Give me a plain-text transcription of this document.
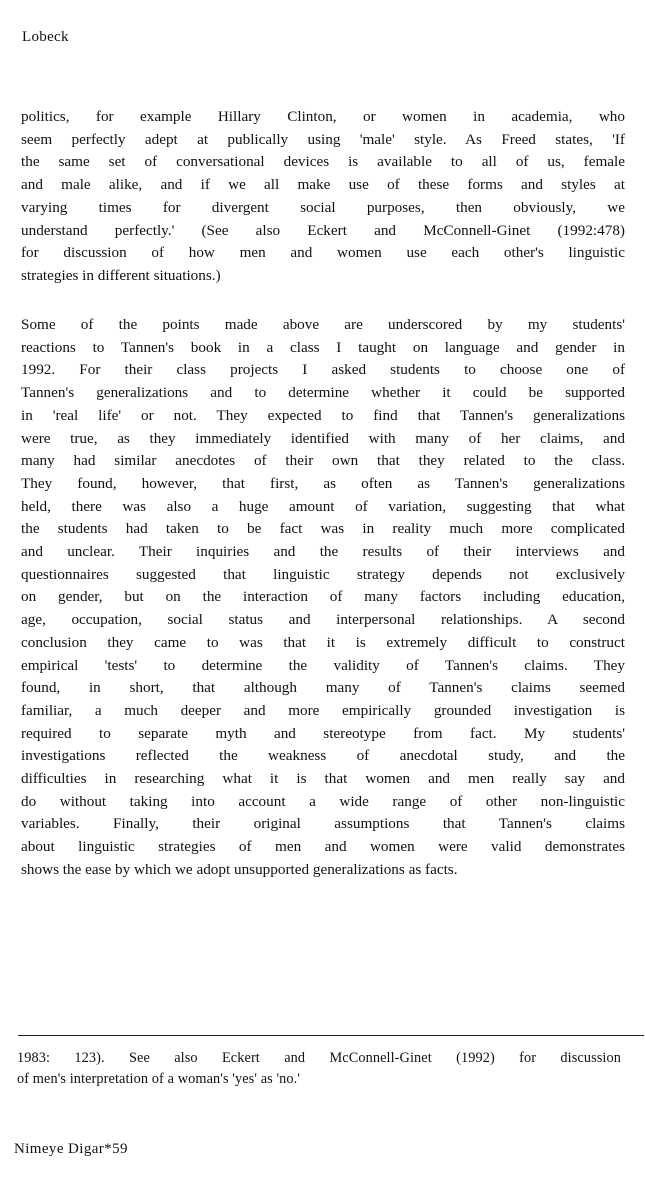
Lobeck
politics, for example Hillary Clinton, or women in academia, who
seem perfectly adept at publically using 'male' style. As Freed states, 'If
the same set of conversational devices is available to all of us, female
and male alike, and if we all make use of these forms and styles at
varying times for divergent social purposes, then obviously, we
understand perfectly.' (See also Eckert and McConnell-Ginet (1992:478)
for discussion of how men and women use each other's linguistic
strategies in different situations.)
Some of the points made above are underscored by my students'
reactions to Tannen's book in a class I taught on language and gender in
1992. For their class projects I asked students to choose one of
Tannen's generalizations and to determine whether it could be supported
in 'real life' or not. They expected to find that Tannen's generalizations
were true, as they immediately identified with many of her claims, and
many had similar anecdotes of their own that they related to the class.
They found, however, that first, as often as Tannen's generalizations
held, there was also a huge amount of variation, suggesting that what
the students had taken to be fact was in reality much more complicated
and unclear. Their inquiries and the results of their interviews and
questionnaires suggested that linguistic strategy depends not exclusively
on gender, but on the interaction of many factors including education,
age, occupation, social status and interpersonal relationships. A second
conclusion they came to was that it is extremely difficult to construct
empirical 'tests' to determine the validity of Tannen's claims. They
found, in short, that although many of Tannen's claims seemed
familiar, a much deeper and more empirically grounded investigation is
required to separate myth and stereotype from fact. My students'
investigations reflected the weakness of anecdotal study, and the
difficulties in researching what it is that women and men really say and
do without taking into account a wide range of other non-linguistic
variables. Finally, their original assumptions that Tannen's claims
about linguistic strategies of men and women were valid demonstrates
shows the ease by which we adopt unsupported generalizations as facts.
1983: 123). See also Eckert and McConnell-Ginet (1992) for discussion
of men's interpretation of a woman's 'yes' as 'no.'
Nimeye Digar*59
